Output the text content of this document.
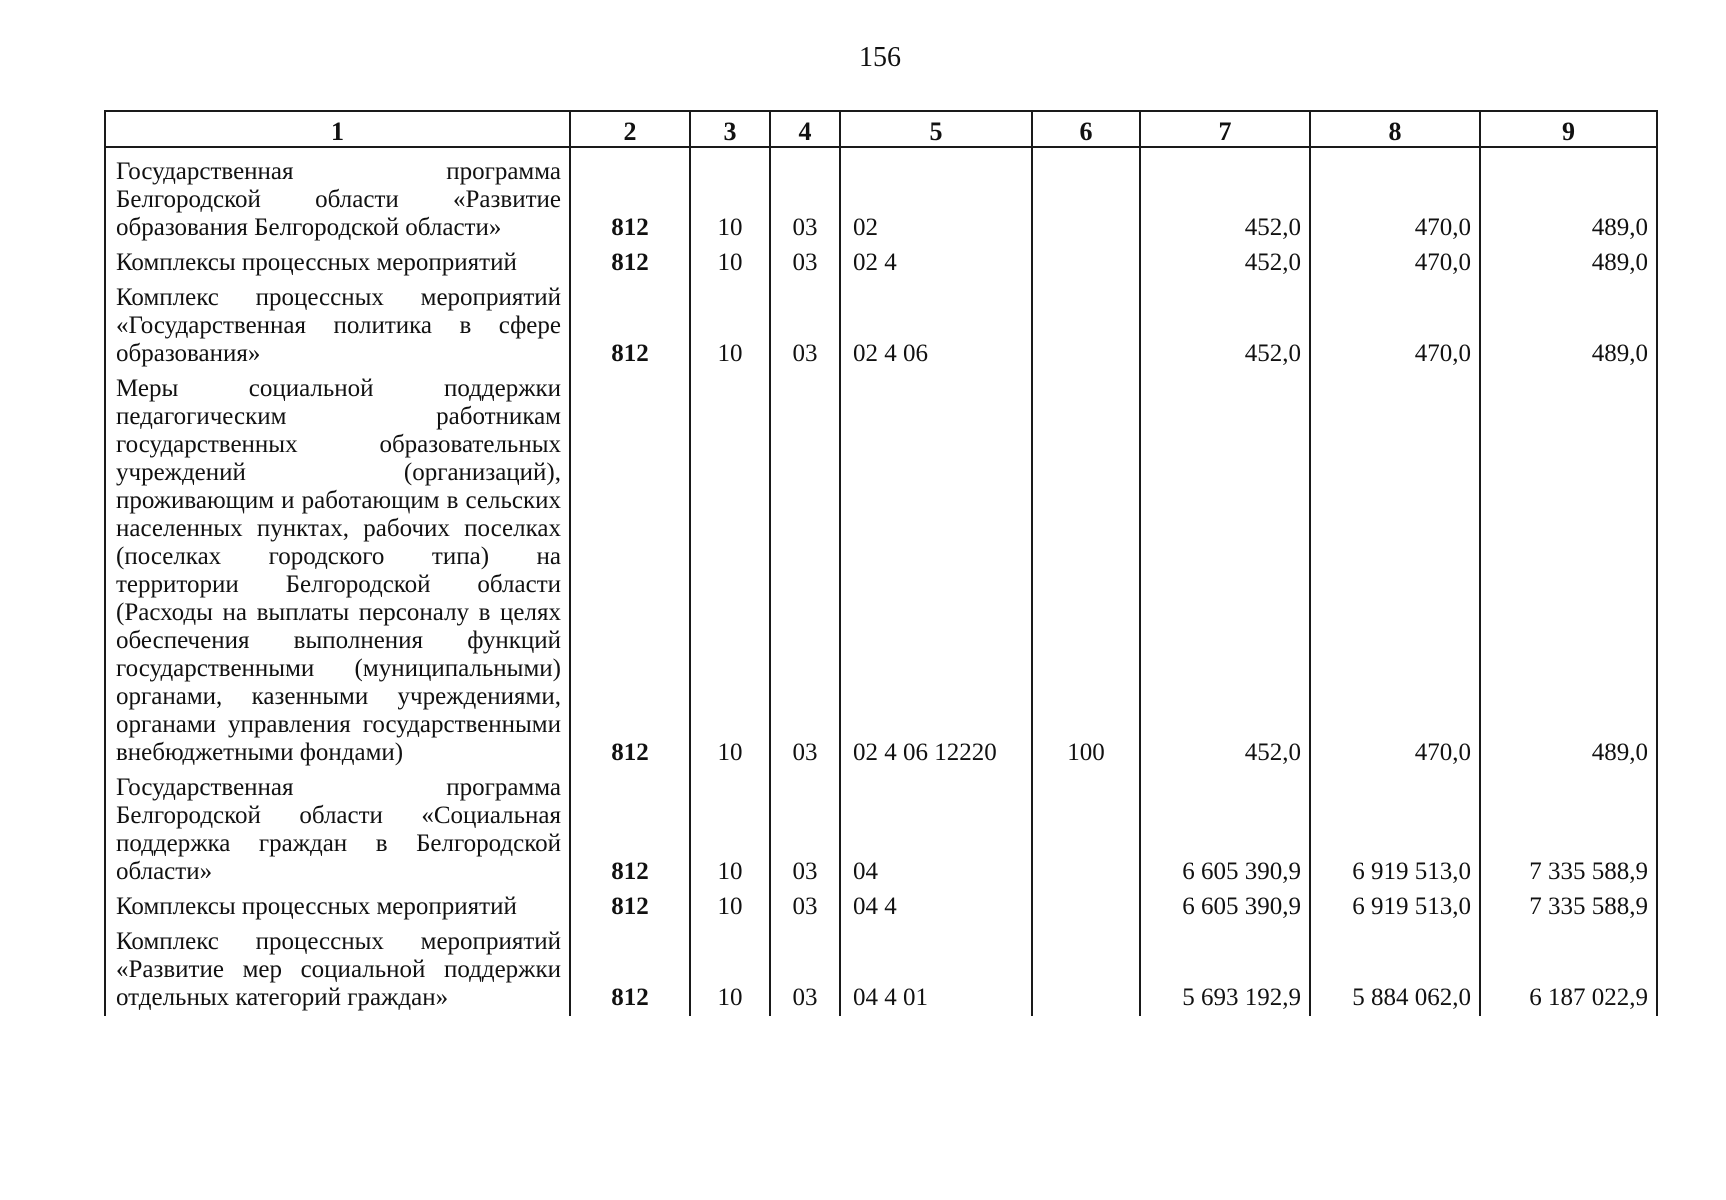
156
1	2	3	4	5	6	7	8	9
Государственная программа Белгородской области «Развитие образования Белгородской области»	812	10	03	02		452,0	470,0	489,0
Комплексы процессных мероприятий	812	10	03	02 4		452,0	470,0	489,0
Комплекс процессных мероприятий «Государственная политика в сфере образования»	812	10	03	02 4 06		452,0	470,0	489,0
Меры социальной поддержки педагогическим работникам государственных образовательных учреждений (организаций), проживающим и работающим в сельских населенных пунктах, рабочих поселках (поселках городского типа) на территории Белгородской области (Расходы на выплаты персоналу в целях обеспечения выполнения функций государственными (муниципальными) органами, казенными учреждениями, органами управления государственными внебюджетными фондами)	812	10	03	02 4 06 12220	100	452,0	470,0	489,0
Государственная программа Белгородской области «Социальная поддержка граждан в Белгородской области»	812	10	03	04		6 605 390,9	6 919 513,0	7 335 588,9
Комплексы процессных мероприятий	812	10	03	04 4		6 605 390,9	6 919 513,0	7 335 588,9
Комплекс процессных мероприятий «Развитие мер социальной поддержки отдельных категорий граждан»	812	10	03	04 4 01		5 693 192,9	5 884 062,0	6 187 022,9
